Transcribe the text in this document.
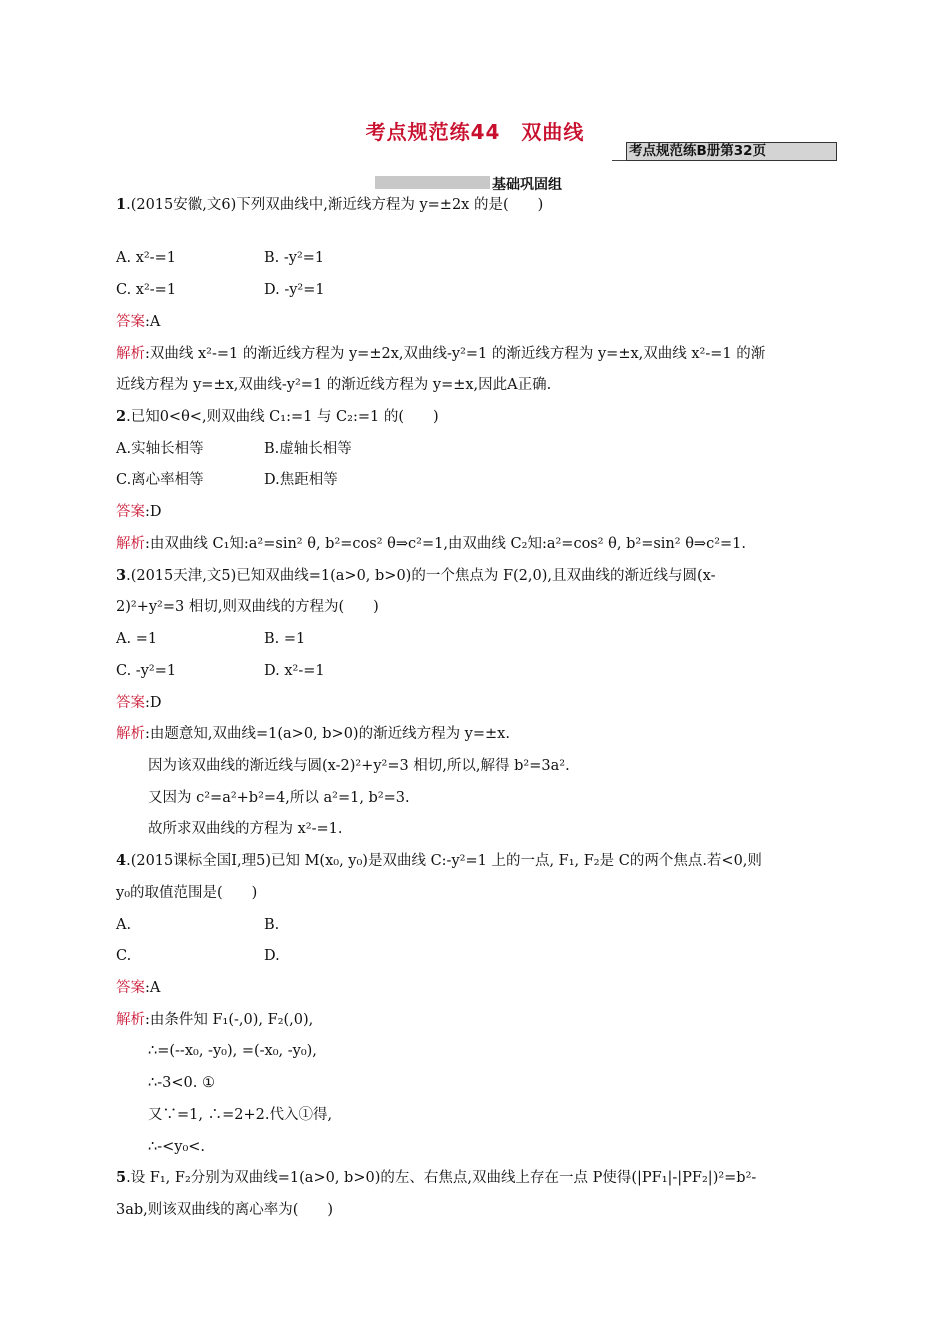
考点规范练44　双曲线
考点规范练B册第32页
基础巩固组
1.(2015安徽,文6)下列双曲线中,渐近线方程为 y=±2x 的是(　　)
A. x²-=1	B. -y²=1
C. x²-=1	D. -y²=1
答案:A
解析:双曲线 x²-=1 的渐近线方程为 y=±2x,双曲线-y²=1 的渐近线方程为 y=±x,双曲线 x²-=1 的渐
近线方程为 y=±x,双曲线-y²=1 的渐近线方程为 y=±x,因此A正确.
2.已知0<θ<,则双曲线 C₁:=1 与 C₂:=1 的(　　)
A.实轴长相等	B.虚轴长相等
C.离心率相等	D.焦距相等
答案:D
解析:由双曲线 C₁知:a²=sin² θ, b²=cos² θ⇒c²=1,由双曲线 C₂知:a²=cos² θ, b²=sin² θ⇒c²=1.
3.(2015天津,文5)已知双曲线=1(a>0, b>0)的一个焦点为 F(2,0),且双曲线的渐近线与圆(x-
2)²+y²=3 相切,则双曲线的方程为(　　)
A. =1	B. =1
C. -y²=1	D. x²-=1
答案:D
解析:由题意知,双曲线=1(a>0, b>0)的渐近线方程为 y=±x.
因为该双曲线的渐近线与圆(x-2)²+y²=3 相切,所以,解得 b²=3a².
又因为 c²=a²+b²=4,所以 a²=1, b²=3.
故所求双曲线的方程为 x²-=1.
4.(2015课标全国Ⅰ,理5)已知 M(x₀, y₀)是双曲线 C:-y²=1 上的一点, F₁, F₂是 C的两个焦点.若<0,则
y₀的取值范围是(　　)
A.	B.
C.	D.
答案:A
解析:由条件知 F₁(-,0), F₂(,0),
∴=(--x₀, -y₀), =(-x₀, -y₀),
∴-3<0. ①
又∵=1, ∴=2+2.代入①得,
∴-<y₀<.
5.设 F₁, F₂分别为双曲线=1(a>0, b>0)的左、右焦点,双曲线上存在一点 P使得(|PF₁|-|PF₂|)²=b²-
3ab,则该双曲线的离心率为(　　)
